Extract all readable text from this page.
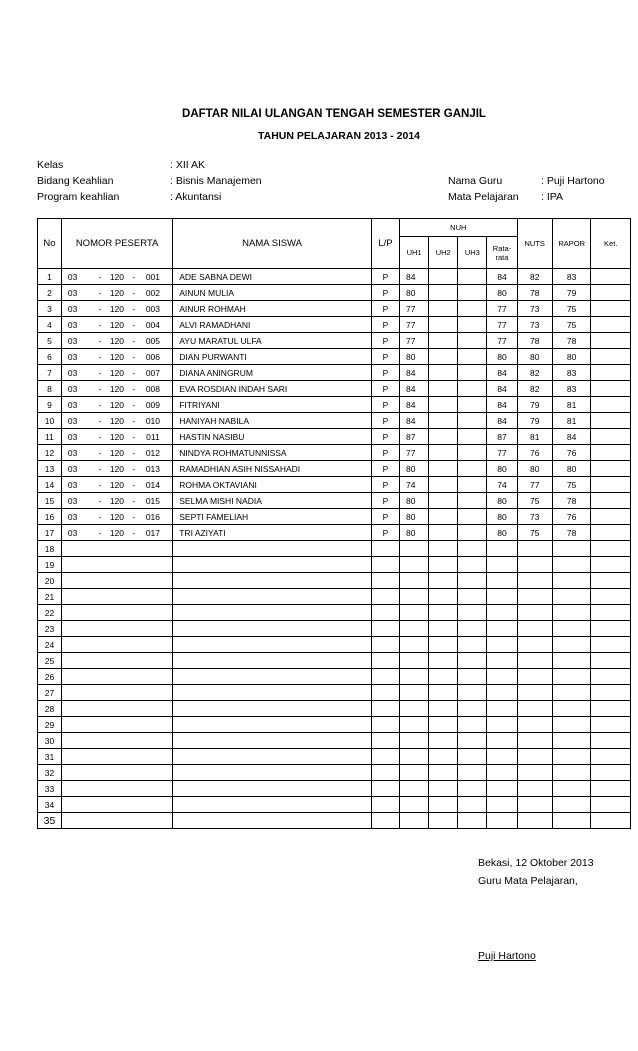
DAFTAR NILAI ULANGAN TENGAH SEMESTER GANJIL
TAHUN PELAJARAN 2013 - 2014
Kelas	: XII AK
Bidang Keahlian	: Bisnis Manajemen
Program keahlian	: Akuntansi
Nama Guru	: Puji Hartono
Mata Pelajaran	: IPA
No	NOMOR PESERTA	NAMA SISWA	L/P	NUH				NUTS	RAPOR	Ket.
				UH1	UH2	UH3	Rata-rata			
1	03 - 120 - 001	ADE SABNA DEWI	P	84			84	82	83	
2	03 - 120 - 002	AINUN MULIA	P	80			80	78	79	
3	03 - 120 - 003	AINUR ROHMAH	P	77			77	73	75	
4	03 - 120 - 004	ALVI RAMADHANI	P	77			77	73	75	
5	03 - 120 - 005	AYU MARATUL ULFA	P	77			77	78	78	
6	03 - 120 - 006	DIAN PURWANTI	P	80			80	80	80	
7	03 - 120 - 007	DIANA ANINGRUM	P	84			84	82	83	
8	03 - 120 - 008	EVA ROSDIAN INDAH SARI	P	84			84	82	83	
9	03 - 120 - 009	FITRIYANI	P	84			84	79	81	
10	03 - 120 - 010	HANIYAH NABILA	P	84			84	79	81	
11	03 - 120 - 011	HASTIN NASIBU	P	87			87	81	84	
12	03 - 120 - 012	NINDYA ROHMATUNNISSA	P	77			77	76	76	
13	03 - 120 - 013	RAMADHIAN ASIH NISSAHADI	P	80			80	80	80	
14	03 - 120 - 014	ROHMA OKTAVIANI	P	74			74	77	75	
15	03 - 120 - 015	SELMA MISHI NADIA	P	80			80	75	78	
16	03 - 120 - 016	SEPTI FAMELIAH	P	80			80	73	76	
17	03 - 120 - 017	TRI AZIYATI	P	80			80	75	78	
18										
19										
20										
21										
22										
23										
24										
25										
26										
27										
28										
29										
30										
31										
32										
33										
34										
35										
Bekasi, 12 Oktober 2013
Guru Mata Pelajaran,
Puji Hartono
